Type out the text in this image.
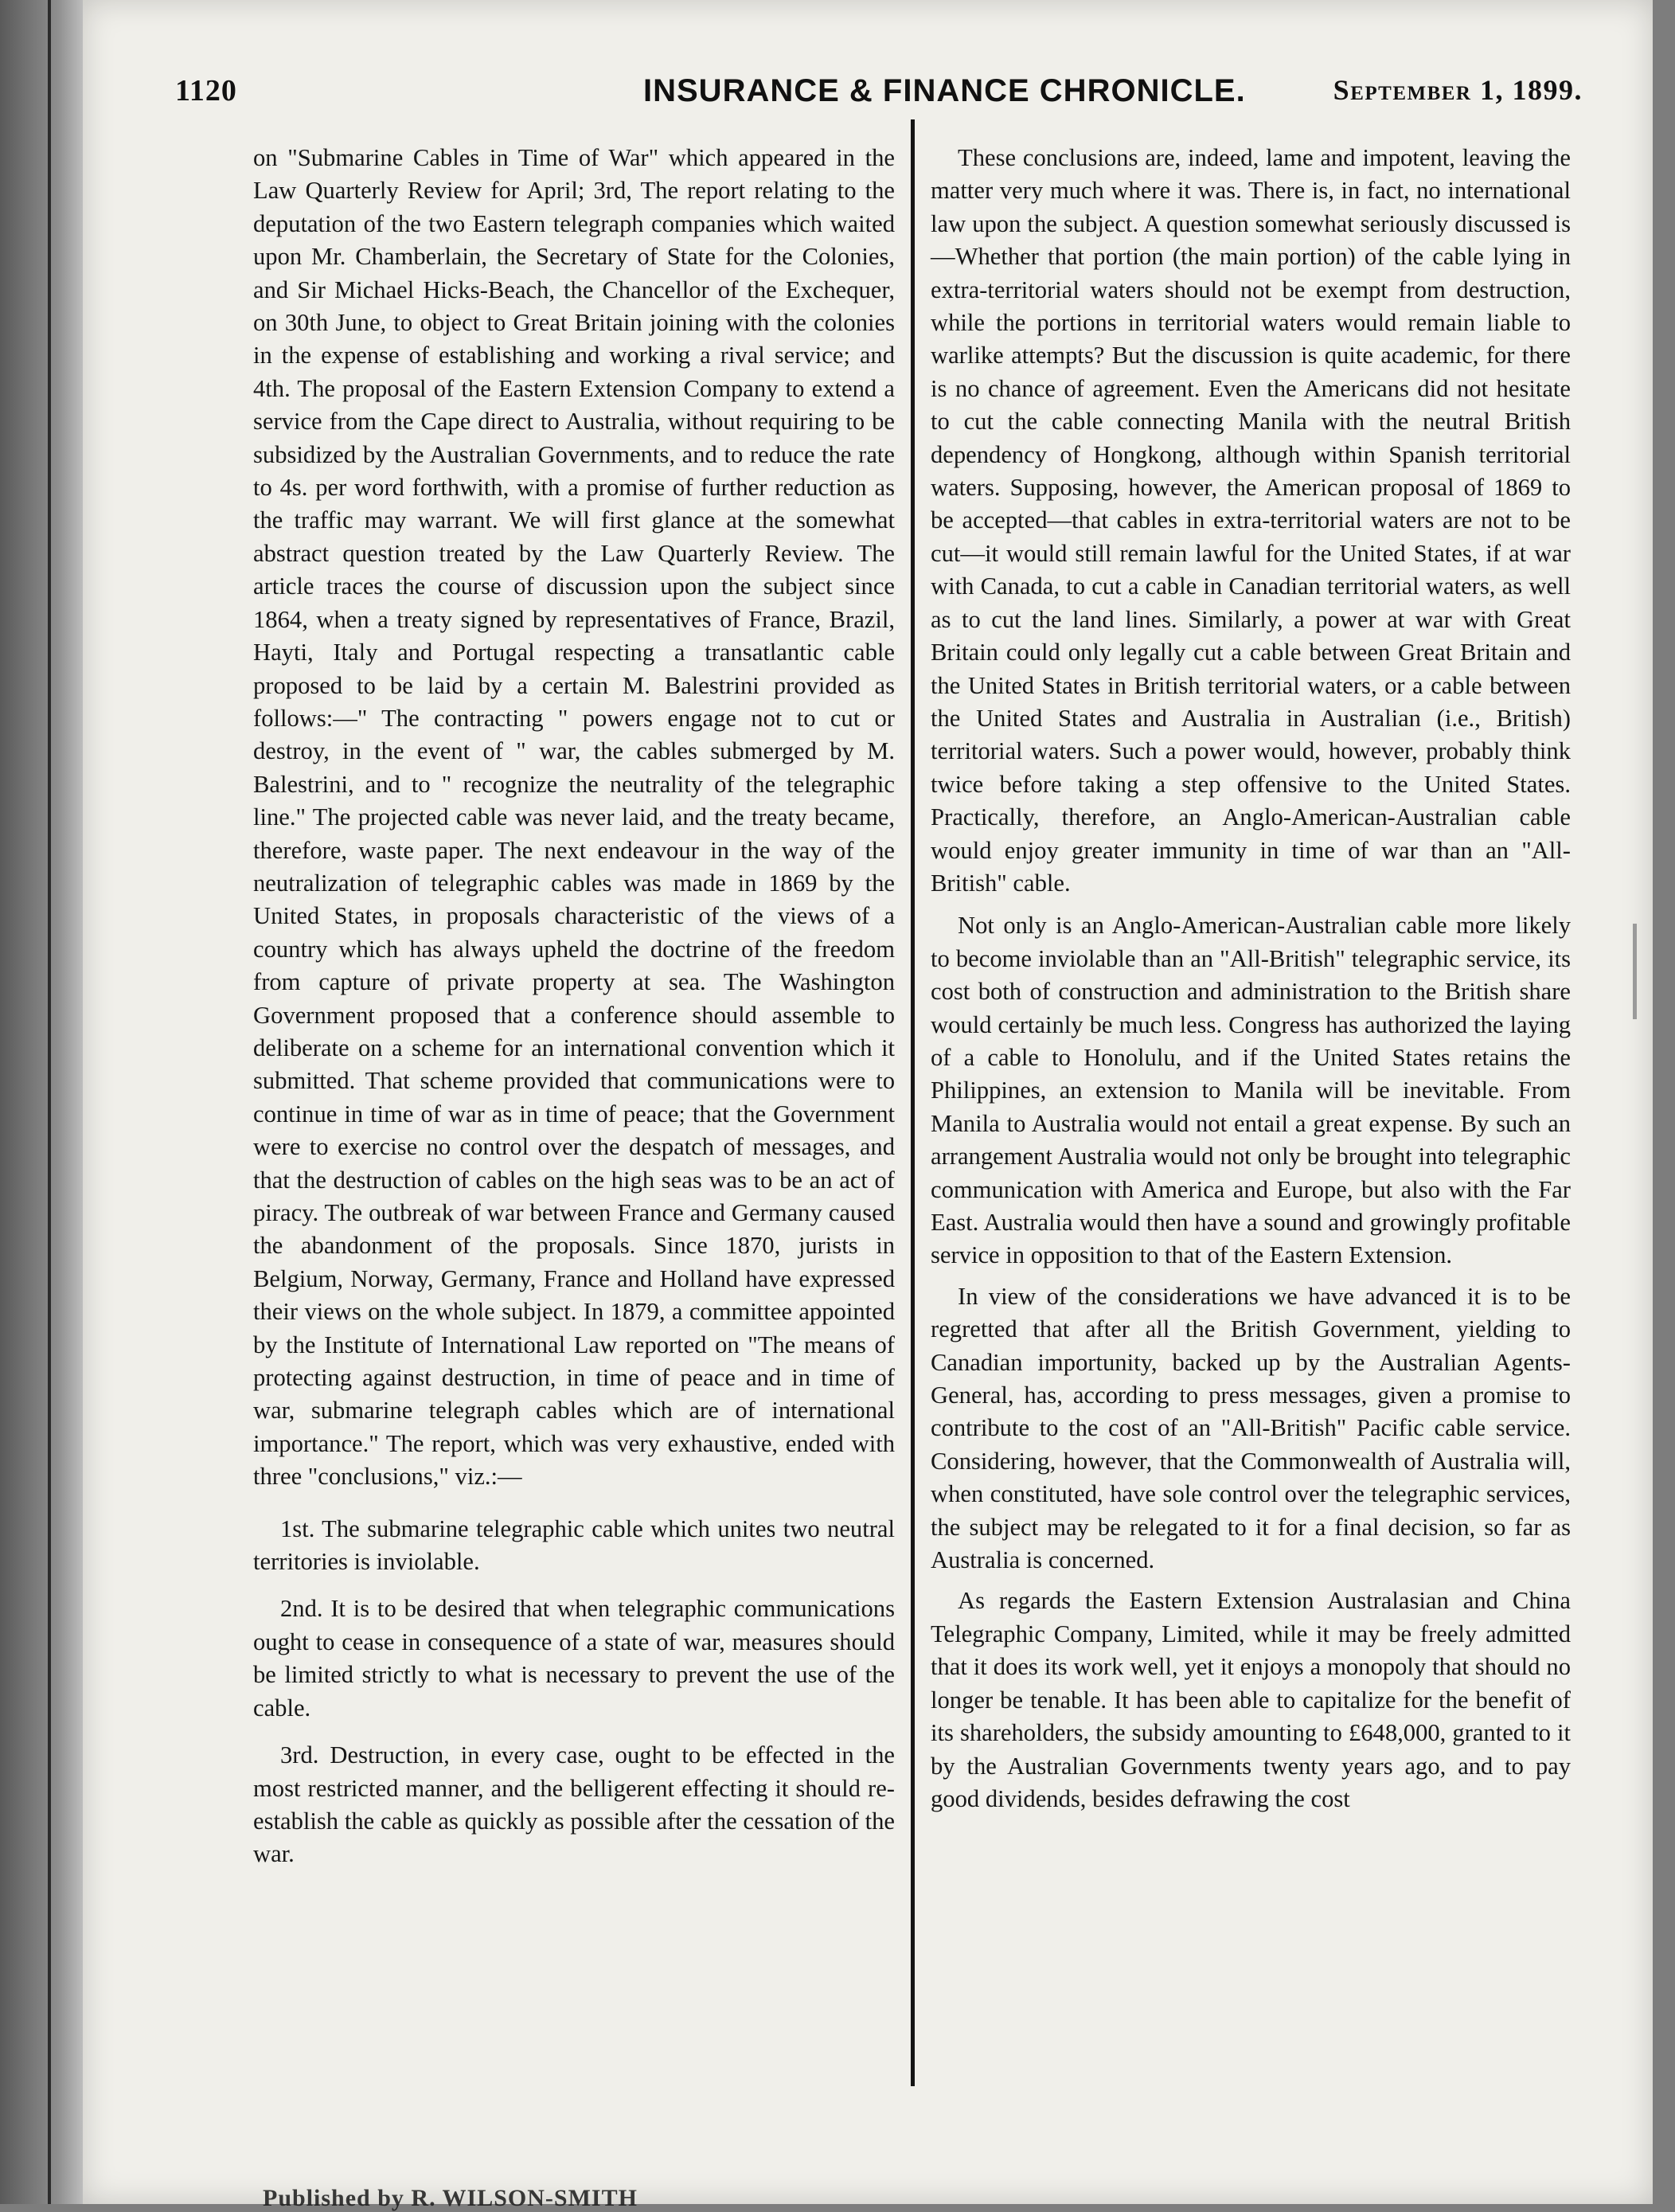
1120	INSURANCE & FINANCE CHRONICLE.	September 1, 1899.

on "Submarine Cables in Time of War" which appeared in the Law Quarterly Review for April; 3rd, The report relating to the deputation of the two Eastern telegraph companies which waited upon Mr. Chamberlain, the Secretary of State for the Colonies, and Sir Michael Hicks-Beach, the Chancellor of the Exchequer, on 30th June, to object to Great Britain joining with the colonies in the expense of establishing and working a rival service; and 4th. The proposal of the Eastern Extension Company to extend a service from the Cape direct to Australia, without requiring to be subsidized by the Australian Governments, and to reduce the rate to 4s. per word forthwith, with a promise of further reduction as the traffic may warrant. We will first glance at the somewhat abstract question treated by the Law Quarterly Review. The article traces the course of discussion upon the subject since 1864, when a treaty signed by representatives of France, Brazil, Hayti, Italy and Portugal respecting a transatlantic cable proposed to be laid by a certain M. Balestrini provided as follows:—" The contracting " powers engage not to cut or destroy, in the event of " war, the cables submerged by M. Balestrini, and to " recognize the neutrality of the telegraphic line." The projected cable was never laid, and the treaty became, therefore, waste paper. The next endeavour in the way of the neutralization of telegraphic cables was made in 1869 by the United States, in proposals characteristic of the views of a country which has always upheld the doctrine of the freedom from capture of private property at sea. The Washington Government proposed that a conference should assemble to deliberate on a scheme for an international convention which it submitted. That scheme provided that communications were to continue in time of war as in time of peace; that the Government were to exercise no control over the despatch of messages, and that the destruction of cables on the high seas was to be an act of piracy. The outbreak of war between France and Germany caused the abandonment of the proposals. Since 1870, jurists in Belgium, Norway, Germany, France and Holland have expressed their views on the whole subject. In 1879, a committee appointed by the Institute of International Law reported on "The means of protecting against destruction, in time of peace and in time of war, submarine telegraph cables which are of international importance." The report, which was very exhaustive, ended with three "conclusions," viz.:—

1st. The submarine telegraphic cable which unites two neutral territories is inviolable.

2nd. It is to be desired that when telegraphic communications ought to cease in consequence of a state of war, measures should be limited strictly to what is necessary to prevent the use of the cable.

3rd. Destruction, in every case, ought to be effected in the most restricted manner, and the belligerent effecting it should re-establish the cable as quickly as possible after the cessation of the war.

These conclusions are, indeed, lame and impotent, leaving the matter very much where it was. There is, in fact, no international law upon the subject. A question somewhat seriously discussed is—Whether that portion (the main portion) of the cable lying in extra-territorial waters should not be exempt from destruction, while the portions in territorial waters would remain liable to warlike attempts? But the discussion is quite academic, for there is no chance of agreement. Even the Americans did not hesitate to cut the cable connecting Manila with the neutral British dependency of Hongkong, although within Spanish territorial waters. Supposing, however, the American proposal of 1869 to be accepted—that cables in extra-territorial waters are not to be cut—it would still remain lawful for the United States, if at war with Canada, to cut a cable in Canadian territorial waters, as well as to cut the land lines. Similarly, a power at war with Great Britain could only legally cut a cable between Great Britain and the United States in British territorial waters, or a cable between the United States and Australia in Australian (i.e., British) territorial waters. Such a power would, however, probably think twice before taking a step offensive to the United States. Practically, therefore, an Anglo-American-Australian cable would enjoy greater immunity in time of war than an "All-British" cable.

Not only is an Anglo-American-Australian cable more likely to become inviolable than an "All-British" telegraphic service, its cost both of construction and administration to the British share would certainly be much less. Congress has authorized the laying of a cable to Honolulu, and if the United States retains the Philippines, an extension to Manila will be inevitable. From Manila to Australia would not entail a great expense. By such an arrangement Australia would not only be brought into telegraphic communication with America and Europe, but also with the Far East. Australia would then have a sound and growingly profitable service in opposition to that of the Eastern Extension.

In view of the considerations we have advanced it is to be regretted that after all the British Government, yielding to Canadian importunity, backed up by the Australian Agents-General, has, according to press messages, given a promise to contribute to the cost of an "All-British" Pacific cable service. Considering, however, that the Commonwealth of Australia will, when constituted, have sole control over the telegraphic services, the subject may be relegated to it for a final decision, so far as Australia is concerned.

As regards the Eastern Extension Australasian and China Telegraphic Company, Limited, while it may be freely admitted that it does its work well, yet it enjoys a monopoly that should no longer be tenable. It has been able to capitalize for the benefit of its shareholders, the subsidy amounting to £648,000, granted to it by the Australian Governments twenty years ago, and to pay good dividends, besides defrawing the cost

Published by R. WILSON-SMITH
